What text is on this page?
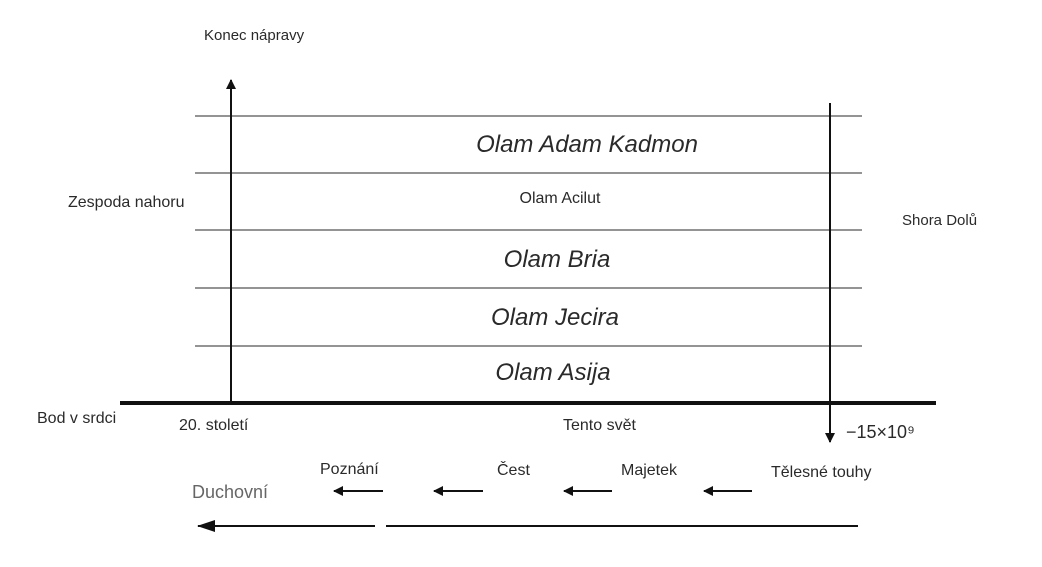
Olam Adam Kadmon
Olam Acilut
Olam Bria
Olam Jecira
Olam Asija
Konec nápravy
Zespoda nahoru
Shora Dolů
Bod v srdci	20. století	Tento svět	−15×10⁹
Tělesné touhy
Majetek
Čest
Poznání
Duchovní
